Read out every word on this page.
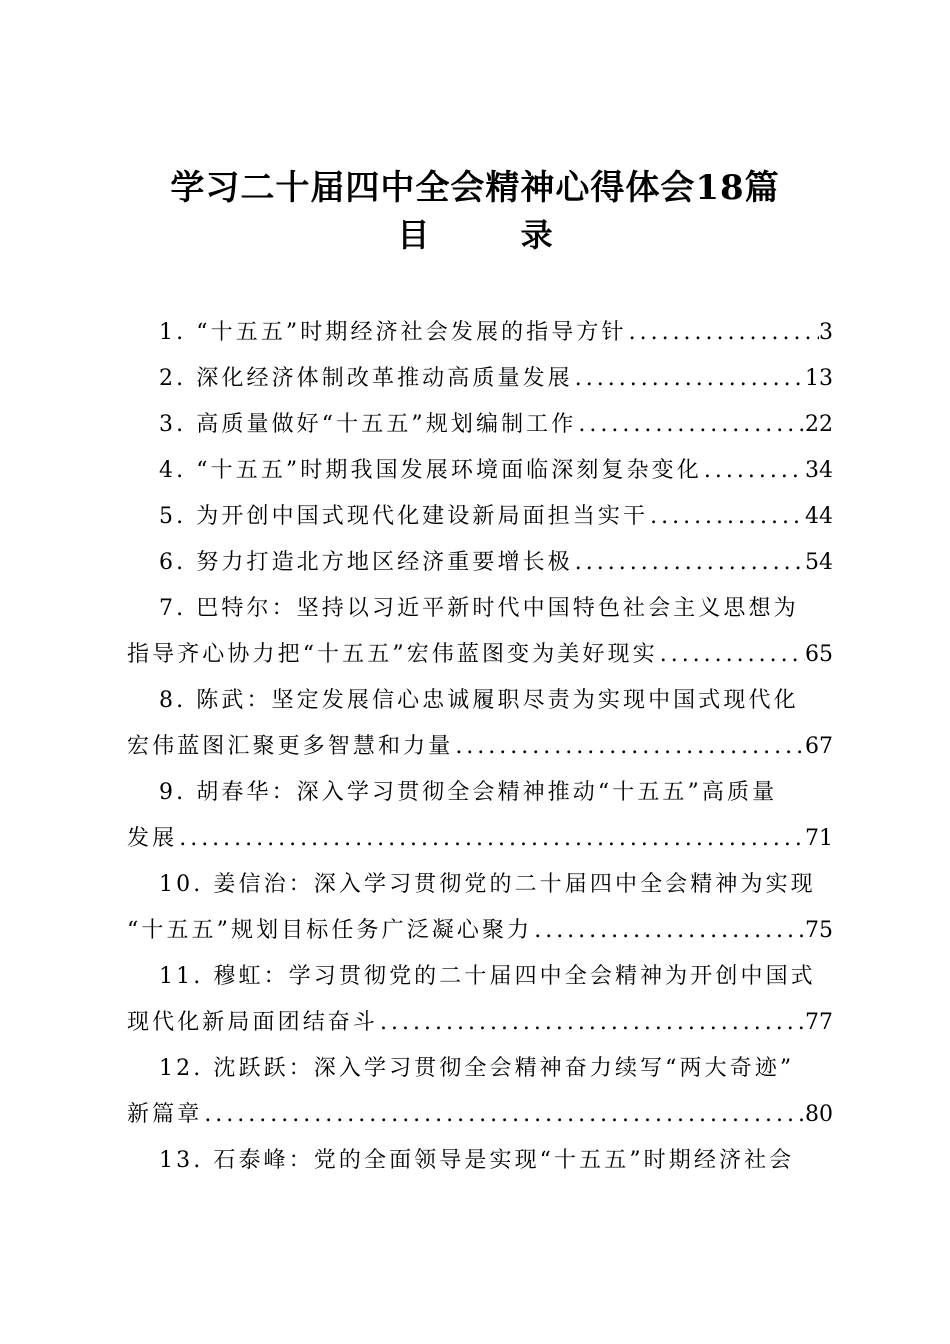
学习二十届四中全会精神心得体会18篇
目 录
1. “十五五”时期经济社会发展的指导方针 .....	3
2. 深化经济体制改革推动高质量发展 .....	13
3. 高质量做好“十五五”规划编制工作 .....	22
4. “十五五”时期我国发展环境面临深刻复杂变化 .....	34
5. 为开创中国式现代化建设新局面担当实干 .....	44
6. 努力打造北方地区经济重要增长极 .....	54
7. 巴特尔：坚持以习近平新时代中国特色社会主义思想为
指导齐心协力把“十五五”宏伟蓝图变为美好现实 .....	65
8. 陈武：坚定发展信心忠诚履职尽责为实现中国式现代化
宏伟蓝图汇聚更多智慧和力量 .....	67
9. 胡春华：深入学习贯彻全会精神推动“十五五”高质量
发展 .....	71
10. 姜信治：深入学习贯彻党的二十届四中全会精神为实现
“十五五”规划目标任务广泛凝心聚力 .....	75
11. 穆虹：学习贯彻党的二十届四中全会精神为开创中国式
现代化新局面团结奋斗 .....	77
12. 沈跃跃：深入学习贯彻全会精神奋力续写“两大奇迹”
新篇章 .....	80
13. 石泰峰：党的全面领导是实现“十五五”时期经济社会
